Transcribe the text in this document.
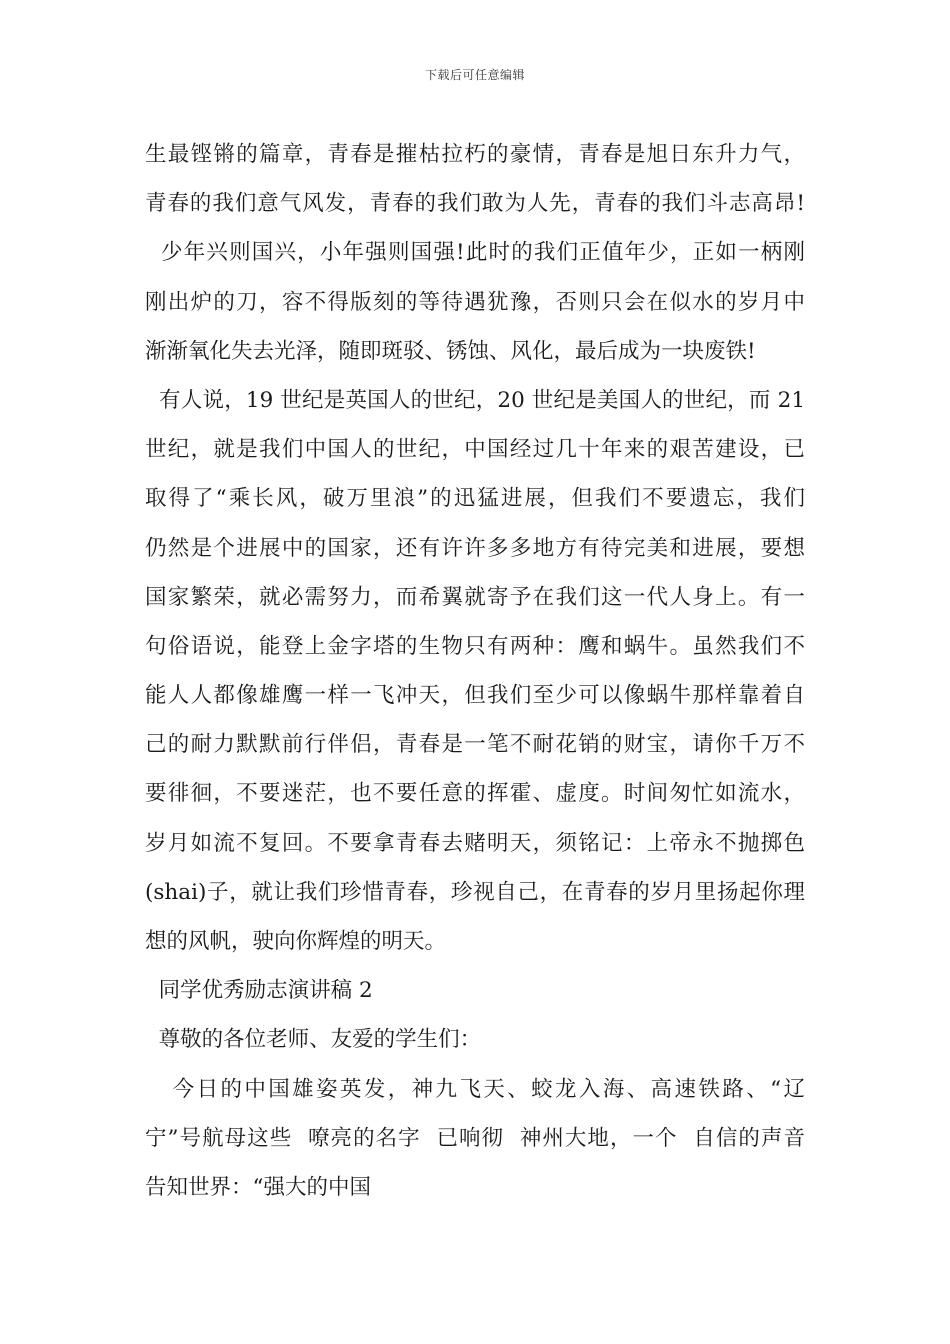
下载后可任意编辑
生最铿锵的篇章，青春是摧枯拉朽的豪情，青春是旭日东升力气，
青春的我们意气风发，青春的我们敢为人先，青春的我们斗志高昂!
少年兴则国兴，小年强则国强!此时的我们正值年少，正如一柄刚
刚出炉的刀，容不得版刻的等待遇犹豫，否则只会在似水的岁月中
渐渐氧化失去光泽，随即斑驳、锈蚀、风化，最后成为一块废铁!
有人说，19 世纪是英国人的世纪，20 世纪是美国人的世纪，而 21
世纪，就是我们中国人的世纪，中国经过几十年来的艰苦建设，已
取得了“乘长风，破万里浪”的迅猛进展，但我们不要遗忘，我们
仍然是个进展中的国家，还有许许多多地方有待完美和进展，要想
国家繁荣，就必需努力，而希翼就寄予在我们这一代人身上。有一
句俗语说，能登上金字塔的生物只有两种：鹰和蜗牛。虽然我们不
能人人都像雄鹰一样一飞冲天，但我们至少可以像蜗牛那样靠着自
己的耐力默默前行伴侣，青春是一笔不耐花销的财宝，请你千万不
要徘徊，不要迷茫，也不要任意的挥霍、虚度。时间匆忙如流水，
岁月如流不复回。不要拿青春去赌明天，须铭记：上帝永不抛掷色
(shai)子，就让我们珍惜青春，珍视自己，在青春的岁月里扬起你理
想的风帆，驶向你辉煌的明天。
同学优秀励志演讲稿 2
尊敬的各位老师、友爱的学生们：
今日的中国雄姿英发，神九飞天、蛟龙入海、高速铁路、“辽
宁”号航母这些  嘹亮的名字  已响彻  神州大地，一个  自信的声音
告知世界：“强大的中国
